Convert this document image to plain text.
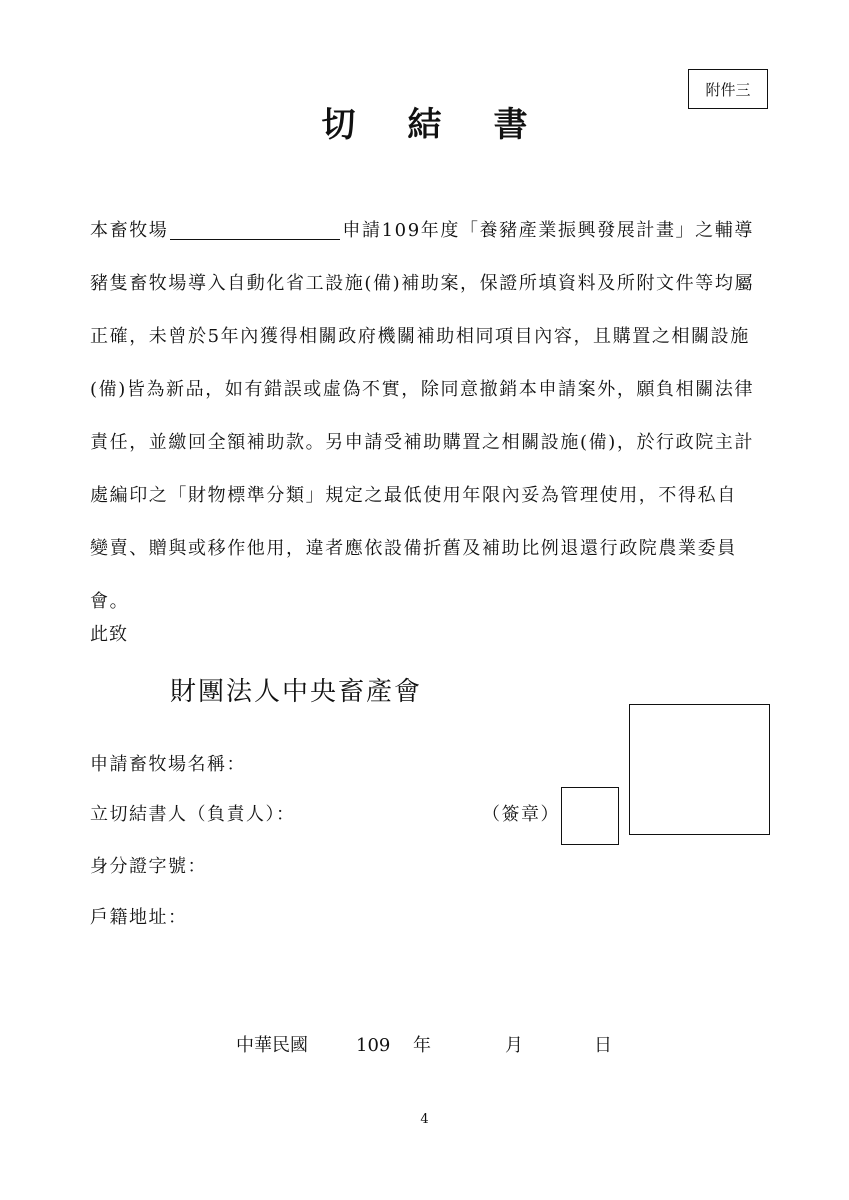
附件三
切結書
本畜牧場	申請109年度「養豬產業振興發展計畫」之輔導
豬隻畜牧場導入自動化省工設施(備)補助案，保證所填資料及所附文件等均屬
正確，未曾於5年內獲得相關政府機關補助相同項目內容，且購置之相關設施
(備)皆為新品，如有錯誤或虛偽不實，除同意撤銷本申請案外，願負相關法律
責任，並繳回全額補助款。另申請受補助購置之相關設施(備)，於行政院主計
處編印之「財物標準分類」規定之最低使用年限內妥為管理使用，不得私自
變賣、贈與或移作他用，違者應依設備折舊及補助比例退還行政院農業委員
會。
此致
財團法人中央畜產會
申請畜牧場名稱：
立切結書人（負責人）：	（簽章）
身分證字號：
戶籍地址：
中華民國	109 年	月	日
4
